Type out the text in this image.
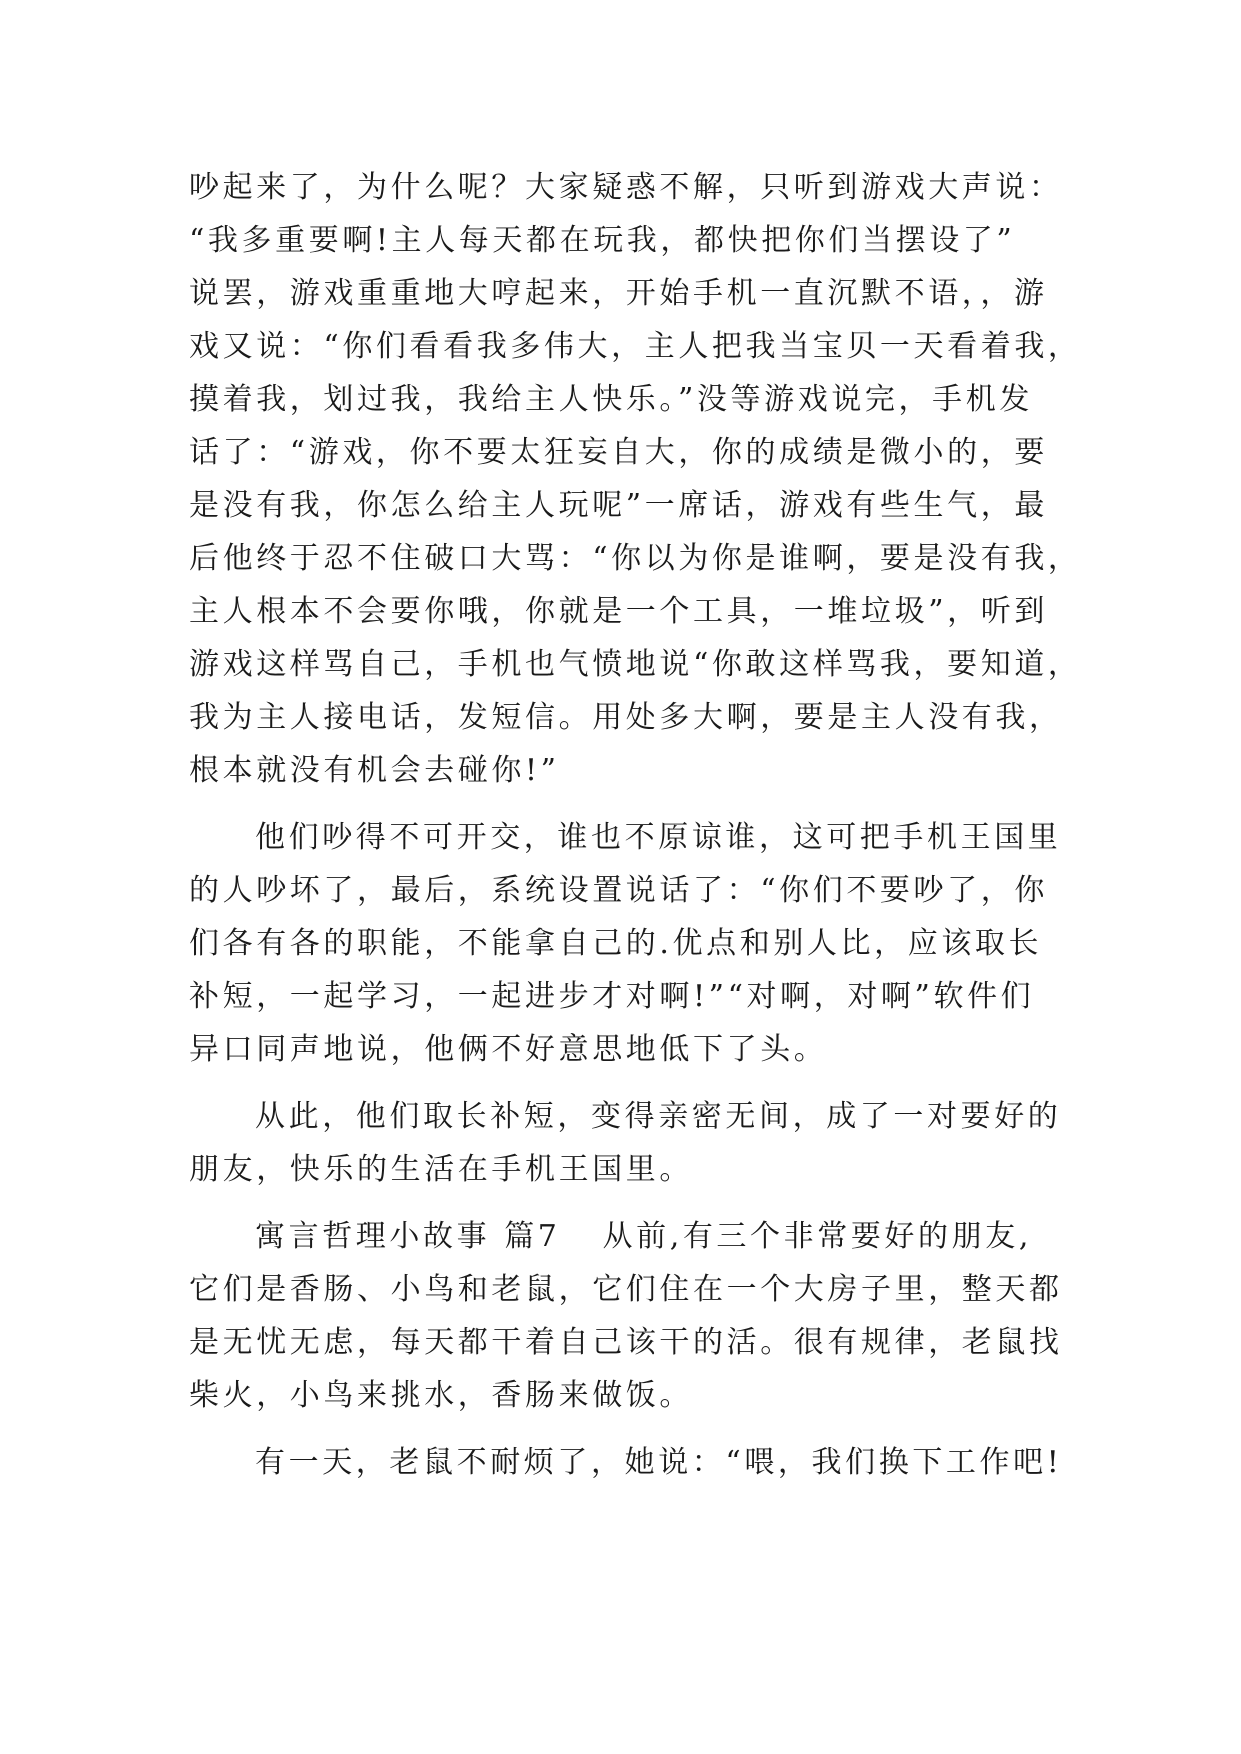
吵起来了，为什么呢？大家疑惑不解，只听到游戏大声说：
“我多重要啊!主人每天都在玩我，都快把你们当摆设了”
说罢，游戏重重地大哼起来，开始手机一直沉默不语，，游
戏又说：“你们看看我多伟大，主人把我当宝贝一天看着我，
摸着我，划过我，我给主人快乐。”没等游戏说完，手机发
话了：“游戏，你不要太狂妄自大，你的成绩是微小的，要
是没有我，你怎么给主人玩呢”一席话，游戏有些生气，最
后他终于忍不住破口大骂：“你以为你是谁啊，要是没有我，
主人根本不会要你哦，你就是一个工具，一堆垃圾”，听到
游戏这样骂自己，手机也气愤地说“你敢这样骂我，要知道，
我为主人接电话，发短信。用处多大啊，要是主人没有我，
根本就没有机会去碰你!”
他们吵得不可开交，谁也不原谅谁，这可把手机王国里
的人吵坏了，最后，系统设置说话了：“你们不要吵了，你
们各有各的职能，不能拿自己的.优点和别人比，应该取长
补短，一起学习，一起进步才对啊!”“对啊，对啊”软件们
异口同声地说，他俩不好意思地低下了头。
从此，他们取长补短，变得亲密无间，成了一对要好的
朋友，快乐的生活在手机王国里。
寓言哲理小故事 篇7 从前,有三个非常要好的朋友,
它们是香肠、小鸟和老鼠，它们住在一个大房子里，整天都
是无忧无虑，每天都干着自己该干的活。很有规律，老鼠找
柴火，小鸟来挑水，香肠来做饭。
有一天，老鼠不耐烦了，她说：“喂，我们换下工作吧!
